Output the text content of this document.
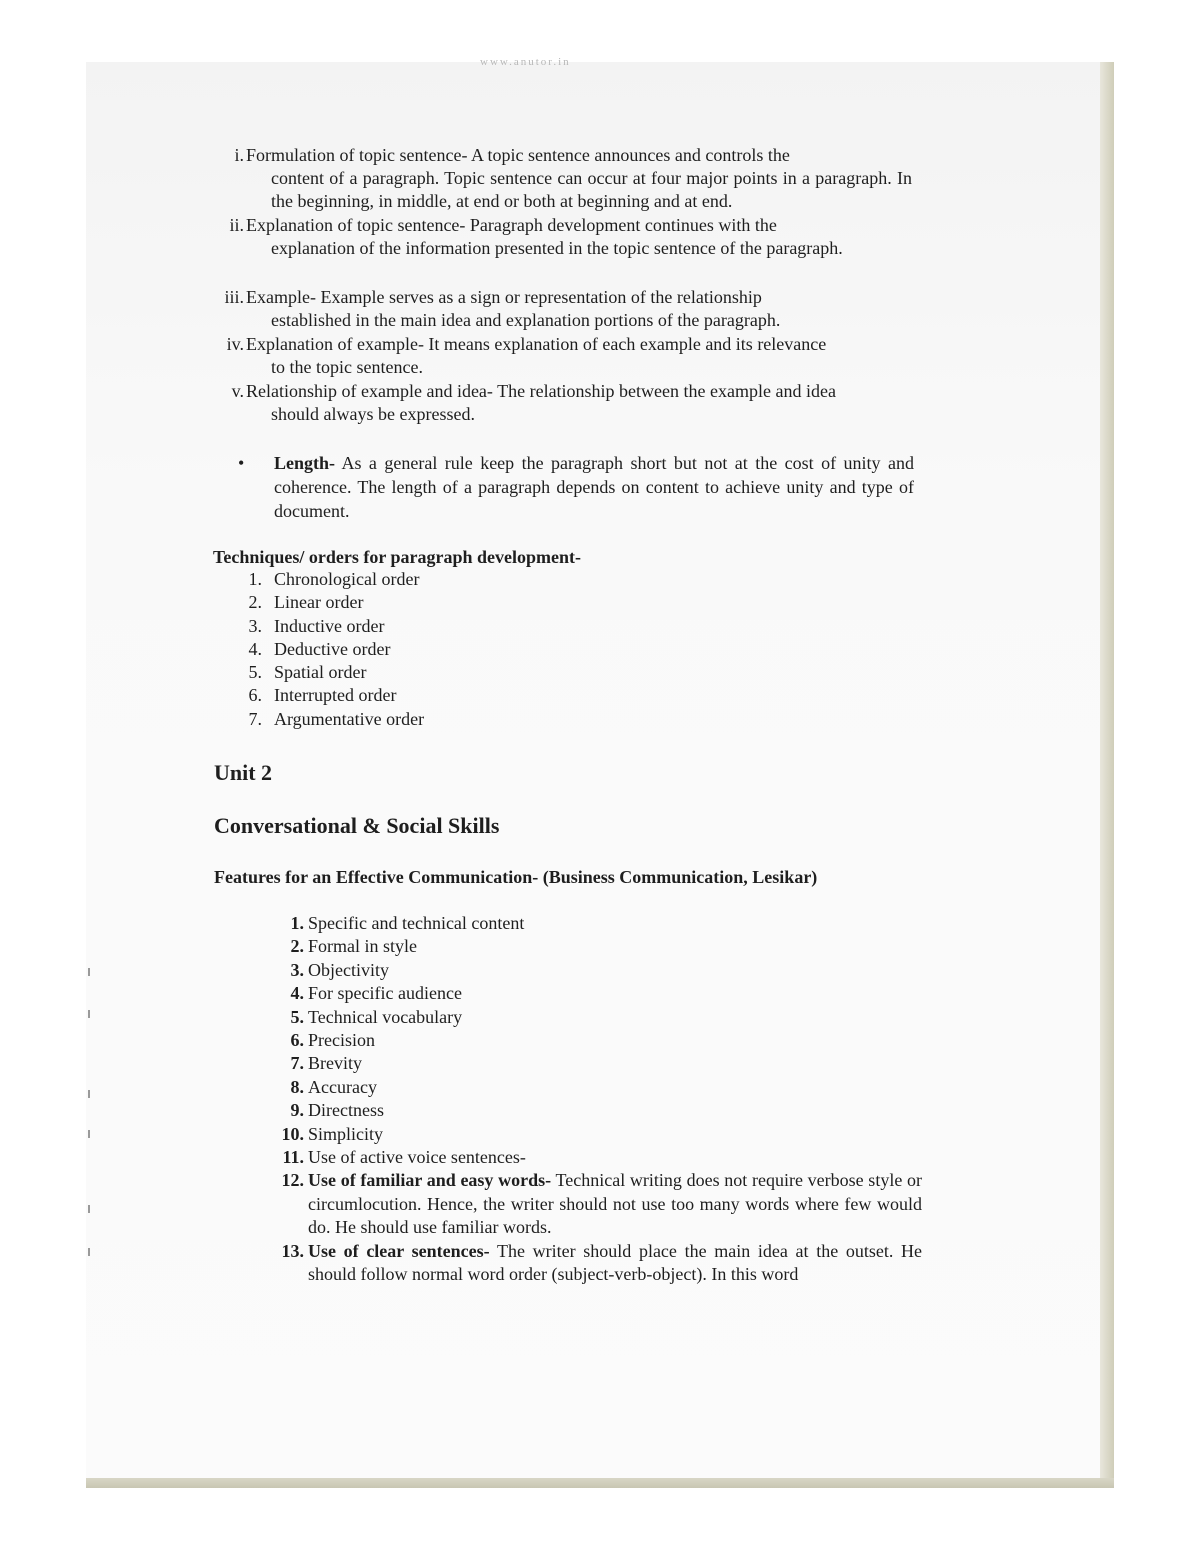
www.anutor.in
i. Formulation of topic sentence- A topic sentence announces and controls the
content of a paragraph. Topic sentence can occur at four major points in a paragraph. In the beginning, in middle, at end or both at beginning and at end.
ii. Explanation of topic sentence- Paragraph development continues with the
explanation of the information presented in the topic sentence of the paragraph.
iii. Example- Example serves as a sign or representation of the relationship
established in the main idea and explanation portions of the paragraph.
iv. Explanation of example- It means explanation of each example and its relevance
to the topic sentence.
v. Relationship of example and idea- The relationship between the example and idea
should always be expressed.
• Length- As a general rule keep the paragraph short but not at the cost of unity and coherence. The length of a paragraph depends on content to achieve unity and type of document.
Techniques/ orders for paragraph development-
1. Chronological order
2. Linear order
3. Inductive order
4. Deductive order
5. Spatial order
6. Interrupted order
7. Argumentative order
Unit 2
Conversational & Social Skills
Features for an Effective Communication- (Business Communication, Lesikar)
1. Specific and technical content
2. Formal in style
3. Objectivity
4. For specific audience
5. Technical vocabulary
6. Precision
7. Brevity
8. Accuracy
9. Directness
10. Simplicity
11. Use of active voice sentences-
12. Use of familiar and easy words- Technical writing does not require verbose style or circumlocution. Hence, the writer should not use too many words where few would do. He should use familiar words.
13. Use of clear sentences- The writer should place the main idea at the outset. He should follow normal word order (subject-verb-object). In this word
